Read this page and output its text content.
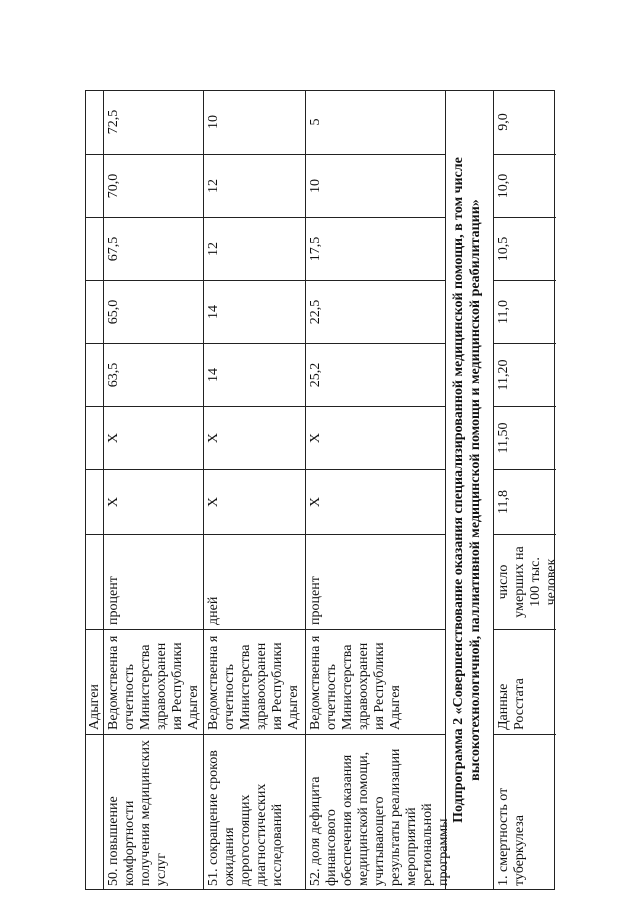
Адыгеи
50. повышение комфортности получения медицинских услуг
Ведомственна я отчетность Министерства здравоохранен ия Республики Адыгея
процент
X
X
63,5
65,0
67,5
70,0
72,5
51. сокращение сроков ожидания дорогостоящих диагностических исследований
Ведомственна я отчетность Министерства здравоохранен ия Республики Адыгея
дней
X
X
14
14
12
12
10
52. доля дефицита финансового обеспечения оказания медицинской помощи, учитывающего результаты реализации мероприятий региональной программы
Ведомственна я отчетность Министерства здравоохранен ия Республики Адыгея
процент
X
X
25,2
22,5
17,5
10
5
Подпрограмма 2 «Совершенствование оказания специализированной медицинской помощи, в том числе высокотехнологичной, паллиативной медицинской помощи и медицинской реабилитации»
1. смертность от туберкулеза
Данные Росстата
число умерших на 100 тыс. человек
11,8
11,50
11,20
11,0
10,5
10,0
9,0
